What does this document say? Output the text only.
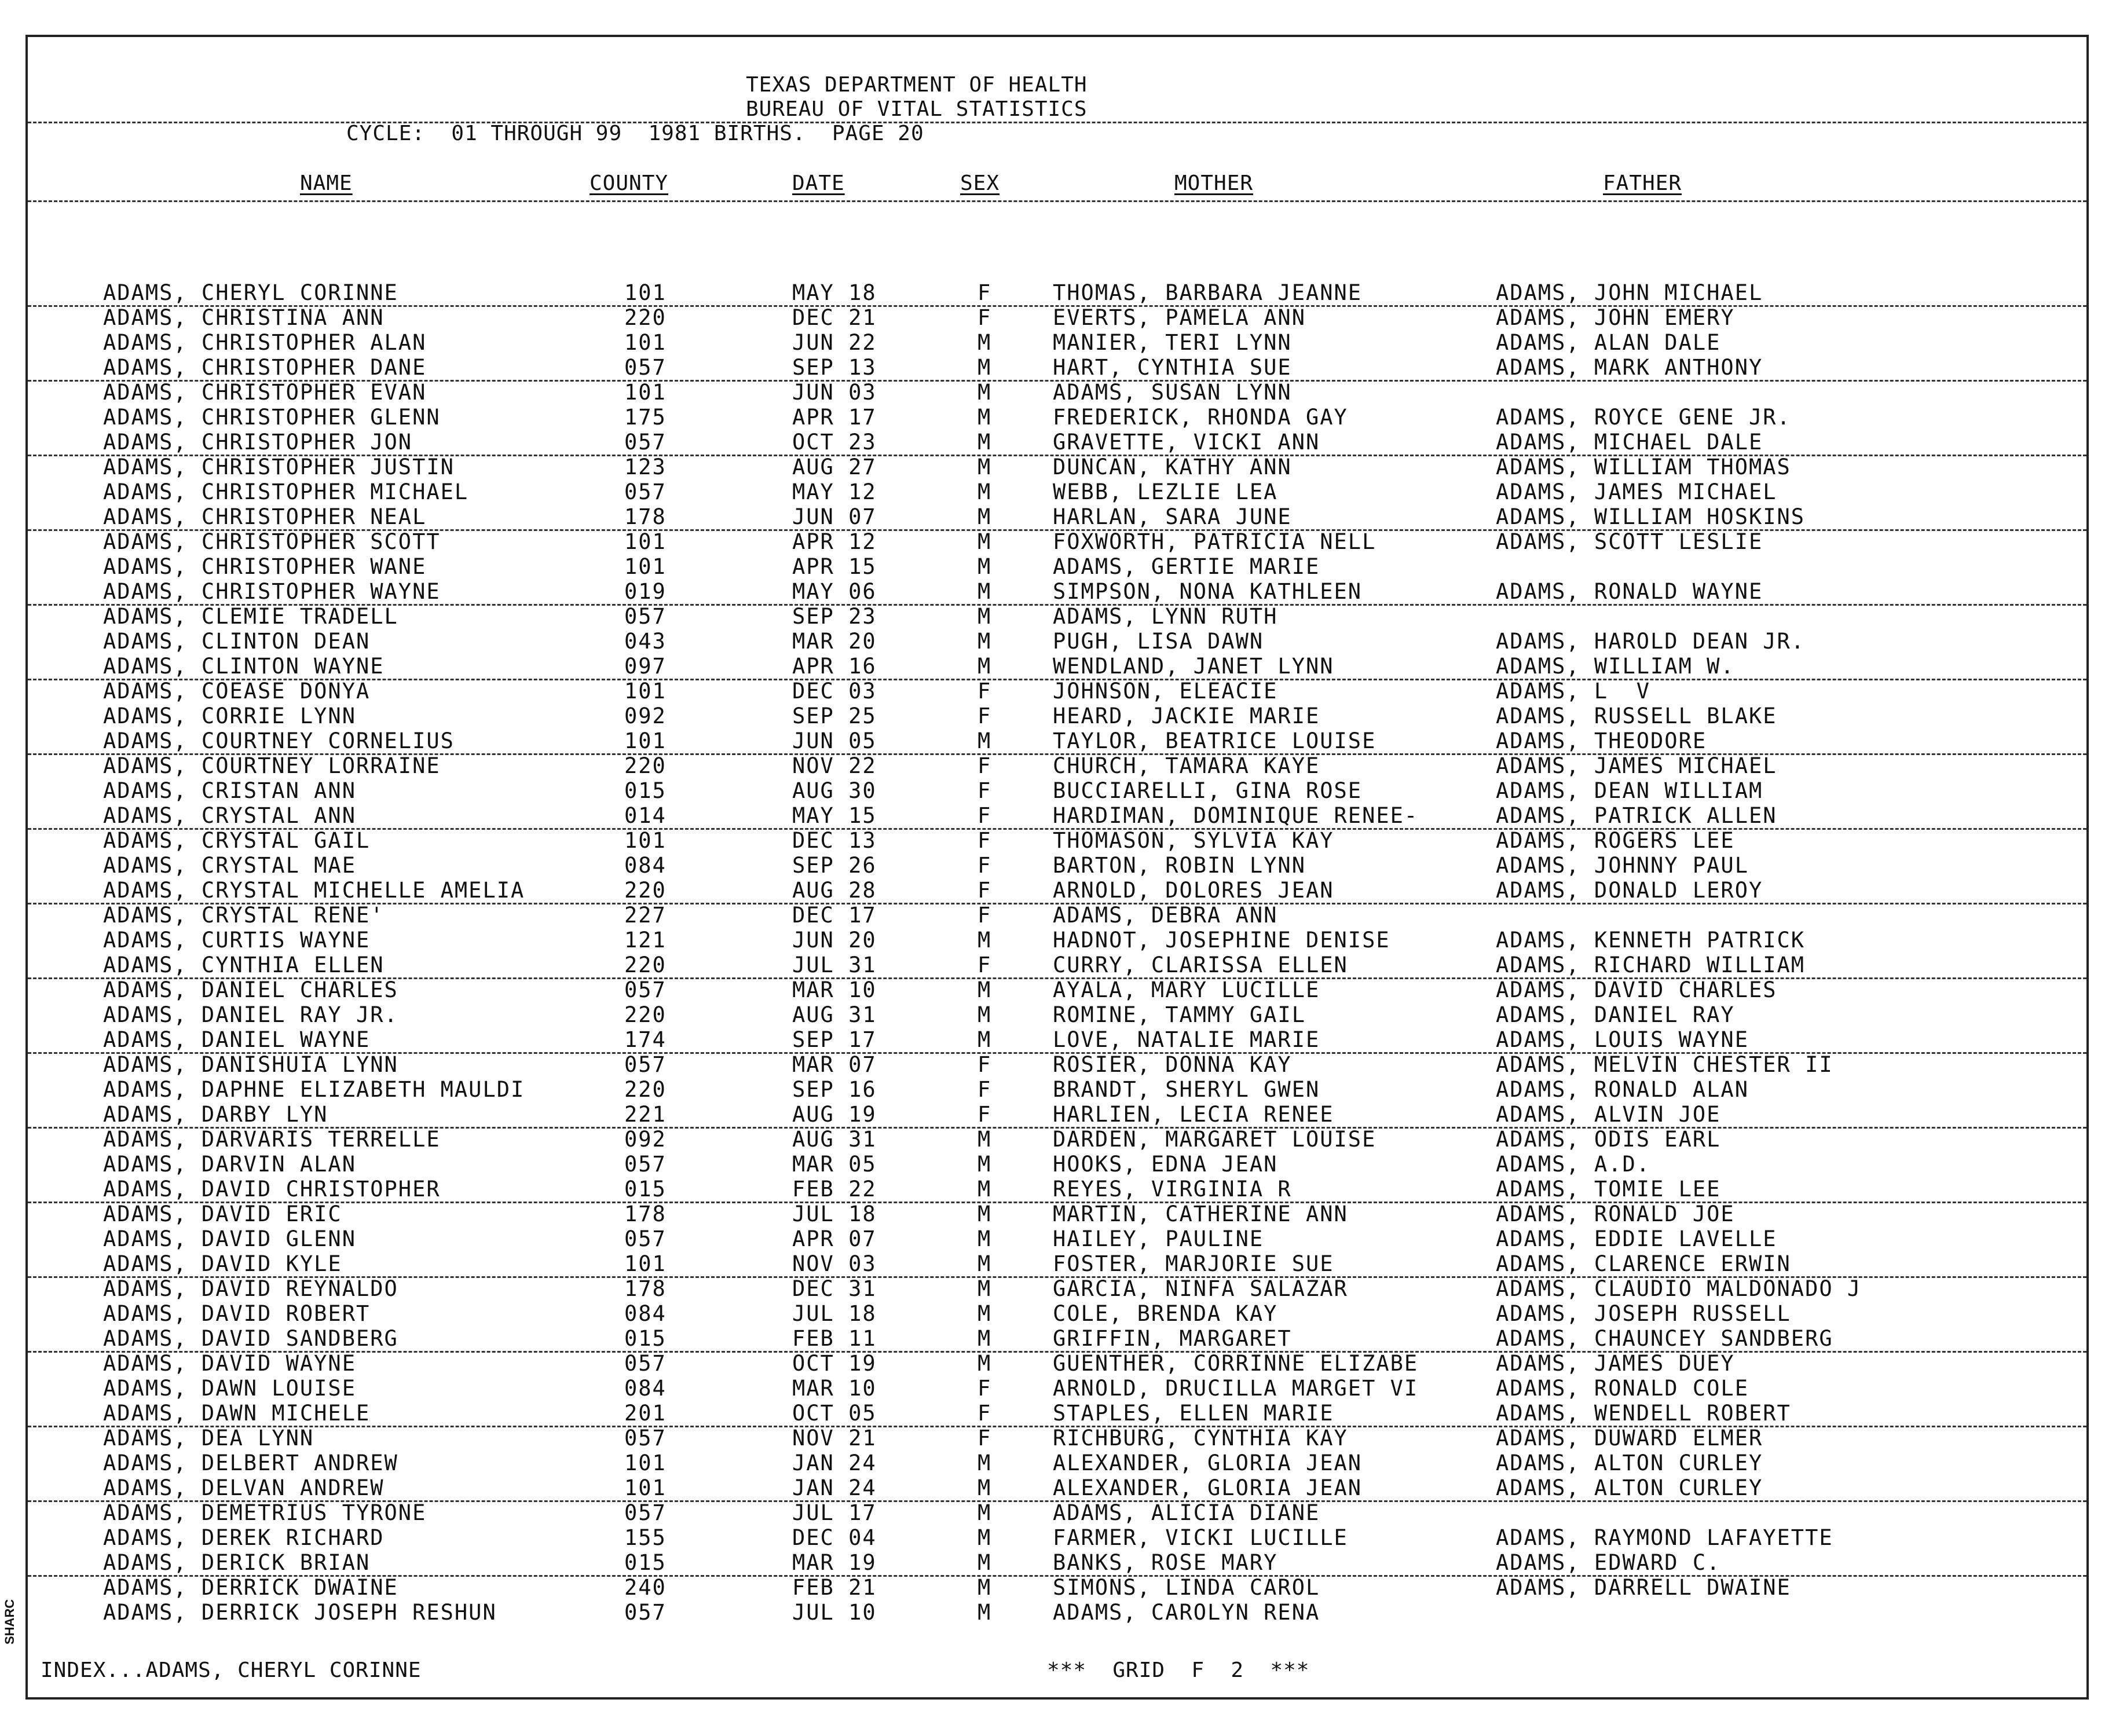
SHARC
TEXAS DEPARTMENT OF HEALTH
BUREAU OF VITAL STATISTICS
CYCLE:  01 THROUGH 99  1981 BIRTHS.  PAGE 20
NAME	COUNTY	DATE	SEX	MOTHER	FATHER
ADAMS, CHERYL CORINNE	101	MAY 18	F	THOMAS, BARBARA JEANNE	ADAMS, JOHN MICHAEL
ADAMS, CHRISTINA ANN	220	DEC 21	F	EVERTS, PAMELA ANN	ADAMS, JOHN EMERY
ADAMS, CHRISTOPHER ALAN	101	JUN 22	M	MANIER, TERI LYNN	ADAMS, ALAN DALE
ADAMS, CHRISTOPHER DANE	057	SEP 13	M	HART, CYNTHIA SUE	ADAMS, MARK ANTHONY
ADAMS, CHRISTOPHER EVAN	101	JUN 03	M	ADAMS, SUSAN LYNN
ADAMS, CHRISTOPHER GLENN	175	APR 17	M	FREDERICK, RHONDA GAY	ADAMS, ROYCE GENE JR.
ADAMS, CHRISTOPHER JON	057	OCT 23	M	GRAVETTE, VICKI ANN	ADAMS, MICHAEL DALE
ADAMS, CHRISTOPHER JUSTIN	123	AUG 27	M	DUNCAN, KATHY ANN	ADAMS, WILLIAM THOMAS
ADAMS, CHRISTOPHER MICHAEL	057	MAY 12	M	WEBB, LEZLIE LEA	ADAMS, JAMES MICHAEL
ADAMS, CHRISTOPHER NEAL	178	JUN 07	M	HARLAN, SARA JUNE	ADAMS, WILLIAM HOSKINS
ADAMS, CHRISTOPHER SCOTT	101	APR 12	M	FOXWORTH, PATRICIA NELL	ADAMS, SCOTT LESLIE
ADAMS, CHRISTOPHER WANE	101	APR 15	M	ADAMS, GERTIE MARIE
ADAMS, CHRISTOPHER WAYNE	019	MAY 06	M	SIMPSON, NONA KATHLEEN	ADAMS, RONALD WAYNE
ADAMS, CLEMIE TRADELL	057	SEP 23	M	ADAMS, LYNN RUTH
ADAMS, CLINTON DEAN	043	MAR 20	M	PUGH, LISA DAWN	ADAMS, HAROLD DEAN JR.
ADAMS, CLINTON WAYNE	097	APR 16	M	WENDLAND, JANET LYNN	ADAMS, WILLIAM W.
ADAMS, COEASE DONYA	101	DEC 03	F	JOHNSON, ELEACIE	ADAMS, L  V
ADAMS, CORRIE LYNN	092	SEP 25	F	HEARD, JACKIE MARIE	ADAMS, RUSSELL BLAKE
ADAMS, COURTNEY CORNELIUS	101	JUN 05	M	TAYLOR, BEATRICE LOUISE	ADAMS, THEODORE
ADAMS, COURTNEY LORRAINE	220	NOV 22	F	CHURCH, TAMARA KAYE	ADAMS, JAMES MICHAEL
ADAMS, CRISTAN ANN	015	AUG 30	F	BUCCIARELLI, GINA ROSE	ADAMS, DEAN WILLIAM
ADAMS, CRYSTAL ANN	014	MAY 15	F	HARDIMAN, DOMINIQUE RENEE-	ADAMS, PATRICK ALLEN
ADAMS, CRYSTAL GAIL	101	DEC 13	F	THOMASON, SYLVIA KAY	ADAMS, ROGERS LEE
ADAMS, CRYSTAL MAE	084	SEP 26	F	BARTON, ROBIN LYNN	ADAMS, JOHNNY PAUL
ADAMS, CRYSTAL MICHELLE AMELIA	220	AUG 28	F	ARNOLD, DOLORES JEAN	ADAMS, DONALD LEROY
ADAMS, CRYSTAL RENE'	227	DEC 17	F	ADAMS, DEBRA ANN
ADAMS, CURTIS WAYNE	121	JUN 20	M	HADNOT, JOSEPHINE DENISE	ADAMS, KENNETH PATRICK
ADAMS, CYNTHIA ELLEN	220	JUL 31	F	CURRY, CLARISSA ELLEN	ADAMS, RICHARD WILLIAM
ADAMS, DANIEL CHARLES	057	MAR 10	M	AYALA, MARY LUCILLE	ADAMS, DAVID CHARLES
ADAMS, DANIEL RAY JR.	220	AUG 31	M	ROMINE, TAMMY GAIL	ADAMS, DANIEL RAY
ADAMS, DANIEL WAYNE	174	SEP 17	M	LOVE, NATALIE MARIE	ADAMS, LOUIS WAYNE
ADAMS, DANISHUIA LYNN	057	MAR 07	F	ROSIER, DONNA KAY	ADAMS, MELVIN CHESTER II
ADAMS, DAPHNE ELIZABETH MAULDI	220	SEP 16	F	BRANDT, SHERYL GWEN	ADAMS, RONALD ALAN
ADAMS, DARBY LYN	221	AUG 19	F	HARLIEN, LECIA RENEE	ADAMS, ALVIN JOE
ADAMS, DARVARIS TERRELLE	092	AUG 31	M	DARDEN, MARGARET LOUISE	ADAMS, ODIS EARL
ADAMS, DARVIN ALAN	057	MAR 05	M	HOOKS, EDNA JEAN	ADAMS, A.D.
ADAMS, DAVID CHRISTOPHER	015	FEB 22	M	REYES, VIRGINIA R	ADAMS, TOMIE LEE
ADAMS, DAVID ERIC	178	JUL 18	M	MARTIN, CATHERINE ANN	ADAMS, RONALD JOE
ADAMS, DAVID GLENN	057	APR 07	M	HAILEY, PAULINE	ADAMS, EDDIE LAVELLE
ADAMS, DAVID KYLE	101	NOV 03	M	FOSTER, MARJORIE SUE	ADAMS, CLARENCE ERWIN
ADAMS, DAVID REYNALDO	178	DEC 31	M	GARCIA, NINFA SALAZAR	ADAMS, CLAUDIO MALDONADO J
ADAMS, DAVID ROBERT	084	JUL 18	M	COLE, BRENDA KAY	ADAMS, JOSEPH RUSSELL
ADAMS, DAVID SANDBERG	015	FEB 11	M	GRIFFIN, MARGARET	ADAMS, CHAUNCEY SANDBERG
ADAMS, DAVID WAYNE	057	OCT 19	M	GUENTHER, CORRINNE ELIZABE	ADAMS, JAMES DUEY
ADAMS, DAWN LOUISE	084	MAR 10	F	ARNOLD, DRUCILLA MARGET VI	ADAMS, RONALD COLE
ADAMS, DAWN MICHELE	201	OCT 05	F	STAPLES, ELLEN MARIE	ADAMS, WENDELL ROBERT
ADAMS, DEA LYNN	057	NOV 21	F	RICHBURG, CYNTHIA KAY	ADAMS, DUWARD ELMER
ADAMS, DELBERT ANDREW	101	JAN 24	M	ALEXANDER, GLORIA JEAN	ADAMS, ALTON CURLEY
ADAMS, DELVAN ANDREW	101	JAN 24	M	ALEXANDER, GLORIA JEAN	ADAMS, ALTON CURLEY
ADAMS, DEMETRIUS TYRONE	057	JUL 17	M	ADAMS, ALICIA DIANE
ADAMS, DEREK RICHARD	155	DEC 04	M	FARMER, VICKI LUCILLE	ADAMS, RAYMOND LAFAYETTE
ADAMS, DERICK BRIAN	015	MAR 19	M	BANKS, ROSE MARY	ADAMS, EDWARD C.
ADAMS, DERRICK DWAINE	240	FEB 21	M	SIMONS, LINDA CAROL	ADAMS, DARRELL DWAINE
ADAMS, DERRICK JOSEPH RESHUN	057	JUL 10	M	ADAMS, CAROLYN RENA
INDEX...ADAMS, CHERYL CORINNE	***  GRID  F  2  ***
